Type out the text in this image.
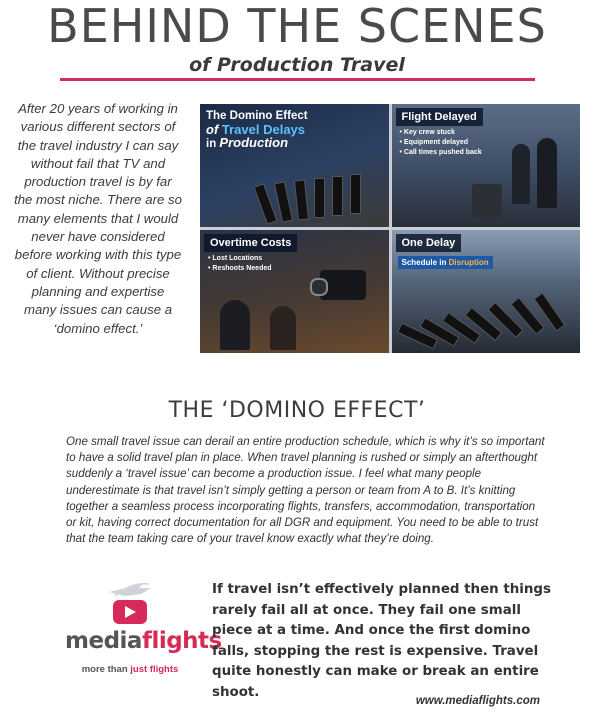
BEHIND THE SCENES
of Production Travel
After 20 years of working in various different sectors of the travel industry I can say without fail that TV and production travel is by far the most niche. There are so many elements that I would never have considered before working with this type of client. Without precise planning and expertise many issues can cause a ‘domino effect.’
The Domino Effect
of Travel Delays
in Production
Flight Delayed
• Key crew stuck
• Equipment delayed
• Call times pushed back
Overtime Costs
• Lost Locations
• Reshoots Needed
One Delay
Schedule in Disruption
THE ‘DOMINO EFFECT’
One small travel issue can derail an entire production schedule, which is why it’s so important to have a solid travel plan in place. When travel planning is rushed or simply an afterthought suddenly a ‘travel issue’ can become a production issue. I feel what many people underestimate is that travel isn’t simply getting a person or team from A to B. It’s knitting together a seamless process incorporating flights, transfers, accommodation, transportation or kit, having correct documentation for all DGR and equipment. You need to be able to trust that the team taking care of your travel know exactly what they’re doing.
mediaflights
more than just flights
If travel isn’t effectively planned then things rarely fail all at once. They fail one small piece at a time. And once the first domino falls, stopping the rest is expensive. Travel quite honestly can make or break an entire shoot.
www.mediaflights.com
